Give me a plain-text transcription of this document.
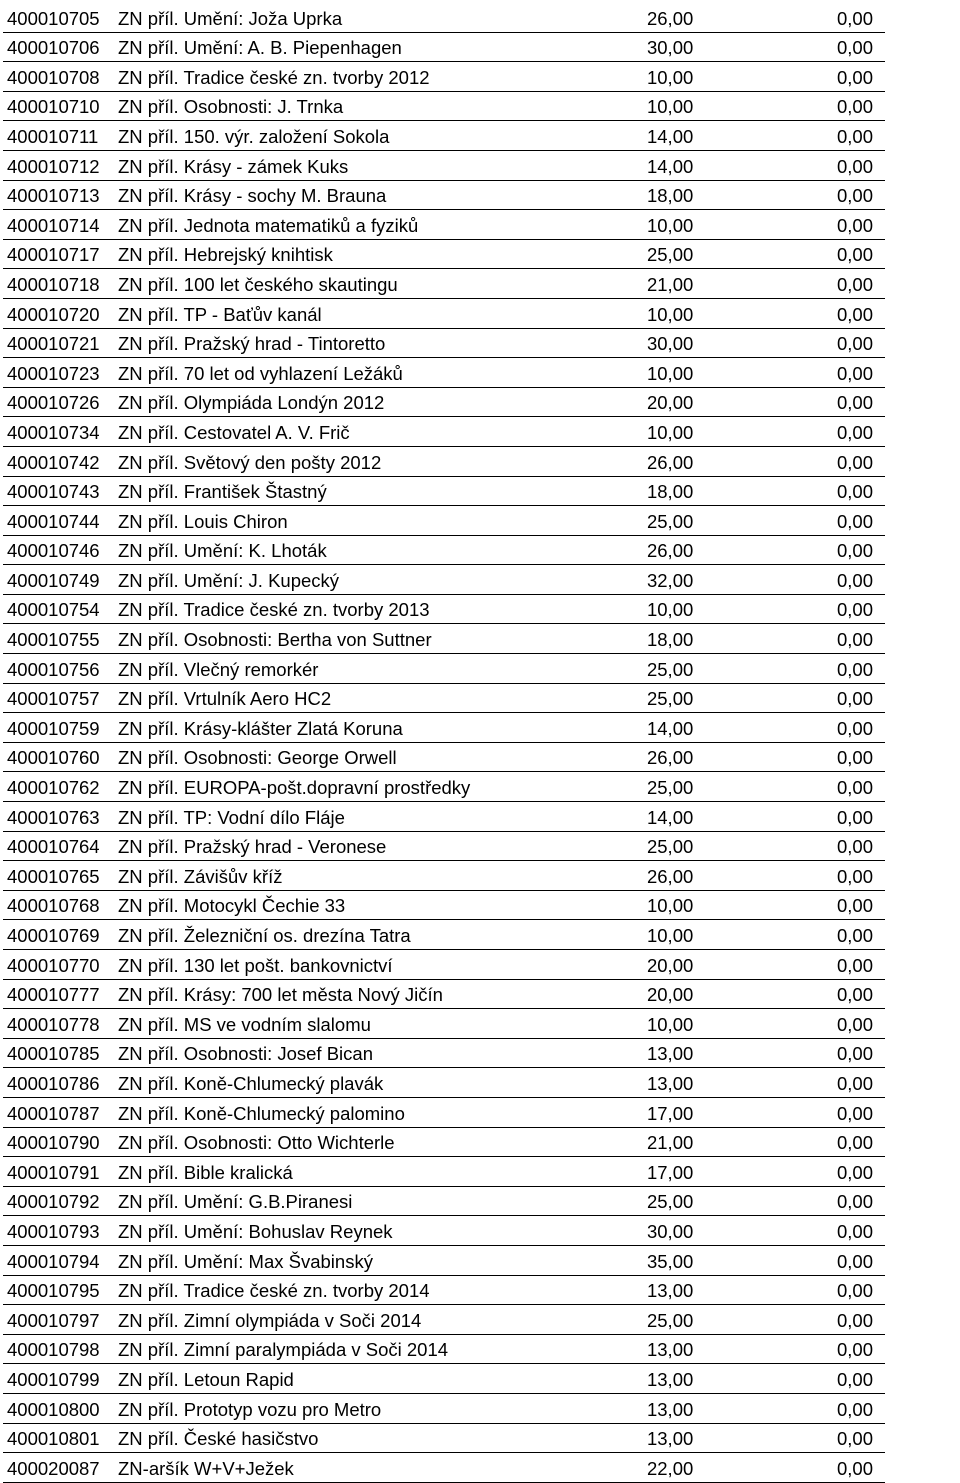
400010705	ZN příl. Umění: Joža Uprka	26,00	0,00
400010706	ZN příl. Umění: A. B. Piepenhagen	30,00	0,00
400010708	ZN příl. Tradice české zn. tvorby 2012	10,00	0,00
400010710	ZN příl. Osobnosti: J. Trnka	10,00	0,00
400010711	ZN příl. 150. výr. založení Sokola	14,00	0,00
400010712	ZN příl. Krásy - zámek Kuks	14,00	0,00
400010713	ZN příl. Krásy - sochy M. Brauna	18,00	0,00
400010714	ZN příl. Jednota matematiků a fyziků	10,00	0,00
400010717	ZN příl. Hebrejský knihtisk	25,00	0,00
400010718	ZN příl. 100 let českého skautingu	21,00	0,00
400010720	ZN příl. TP - Baťův kanál	10,00	0,00
400010721	ZN příl. Pražský hrad - Tintoretto	30,00	0,00
400010723	ZN příl. 70 let od vyhlazení Ležáků	10,00	0,00
400010726	ZN příl. Olympiáda Londýn 2012	20,00	0,00
400010734	ZN příl. Cestovatel A. V. Frič	10,00	0,00
400010742	ZN příl. Světový den pošty 2012	26,00	0,00
400010743	ZN příl. František Štastný	18,00	0,00
400010744	ZN příl. Louis Chiron	25,00	0,00
400010746	ZN příl. Umění: K. Lhoták	26,00	0,00
400010749	ZN příl. Umění: J. Kupecký	32,00	0,00
400010754	ZN příl. Tradice české zn. tvorby 2013	10,00	0,00
400010755	ZN příl. Osobnosti: Bertha von Suttner	18,00	0,00
400010756	ZN příl. Vlečný remorkér	25,00	0,00
400010757	ZN příl. Vrtulník Aero HC2	25,00	0,00
400010759	ZN příl. Krásy-klášter Zlatá Koruna	14,00	0,00
400010760	ZN příl. Osobnosti: George Orwell	26,00	0,00
400010762	ZN příl. EUROPA-pošt.dopravní prostředky	25,00	0,00
400010763	ZN příl. TP: Vodní dílo Fláje	14,00	0,00
400010764	ZN příl. Pražský hrad - Veronese	25,00	0,00
400010765	ZN příl. Závišův kříž	26,00	0,00
400010768	ZN příl. Motocykl Čechie 33	10,00	0,00
400010769	ZN příl. Železniční os. drezína Tatra	10,00	0,00
400010770	ZN příl. 130 let pošt. bankovnictví	20,00	0,00
400010777	ZN příl. Krásy: 700 let města Nový Jičín	20,00	0,00
400010778	ZN příl. MS ve vodním slalomu	10,00	0,00
400010785	ZN příl. Osobnosti: Josef Bican	13,00	0,00
400010786	ZN příl. Koně-Chlumecký plavák	13,00	0,00
400010787	ZN příl. Koně-Chlumecký palomino	17,00	0,00
400010790	ZN příl. Osobnosti: Otto Wichterle	21,00	0,00
400010791	ZN příl. Bible kralická	17,00	0,00
400010792	ZN příl. Umění: G.B.Piranesi	25,00	0,00
400010793	ZN příl. Umění: Bohuslav Reynek	30,00	0,00
400010794	ZN příl. Umění: Max Švabinský	35,00	0,00
400010795	ZN příl. Tradice české zn. tvorby 2014	13,00	0,00
400010797	ZN příl. Zimní olympiáda v Soči 2014	25,00	0,00
400010798	ZN příl. Zimní paralympiáda v Soči 2014	13,00	0,00
400010799	ZN příl. Letoun Rapid	13,00	0,00
400010800	ZN příl. Prototyp vozu pro Metro	13,00	0,00
400010801	ZN příl. České hasičstvo	13,00	0,00
400020087	ZN-aršík W+V+Ježek	22,00	0,00
